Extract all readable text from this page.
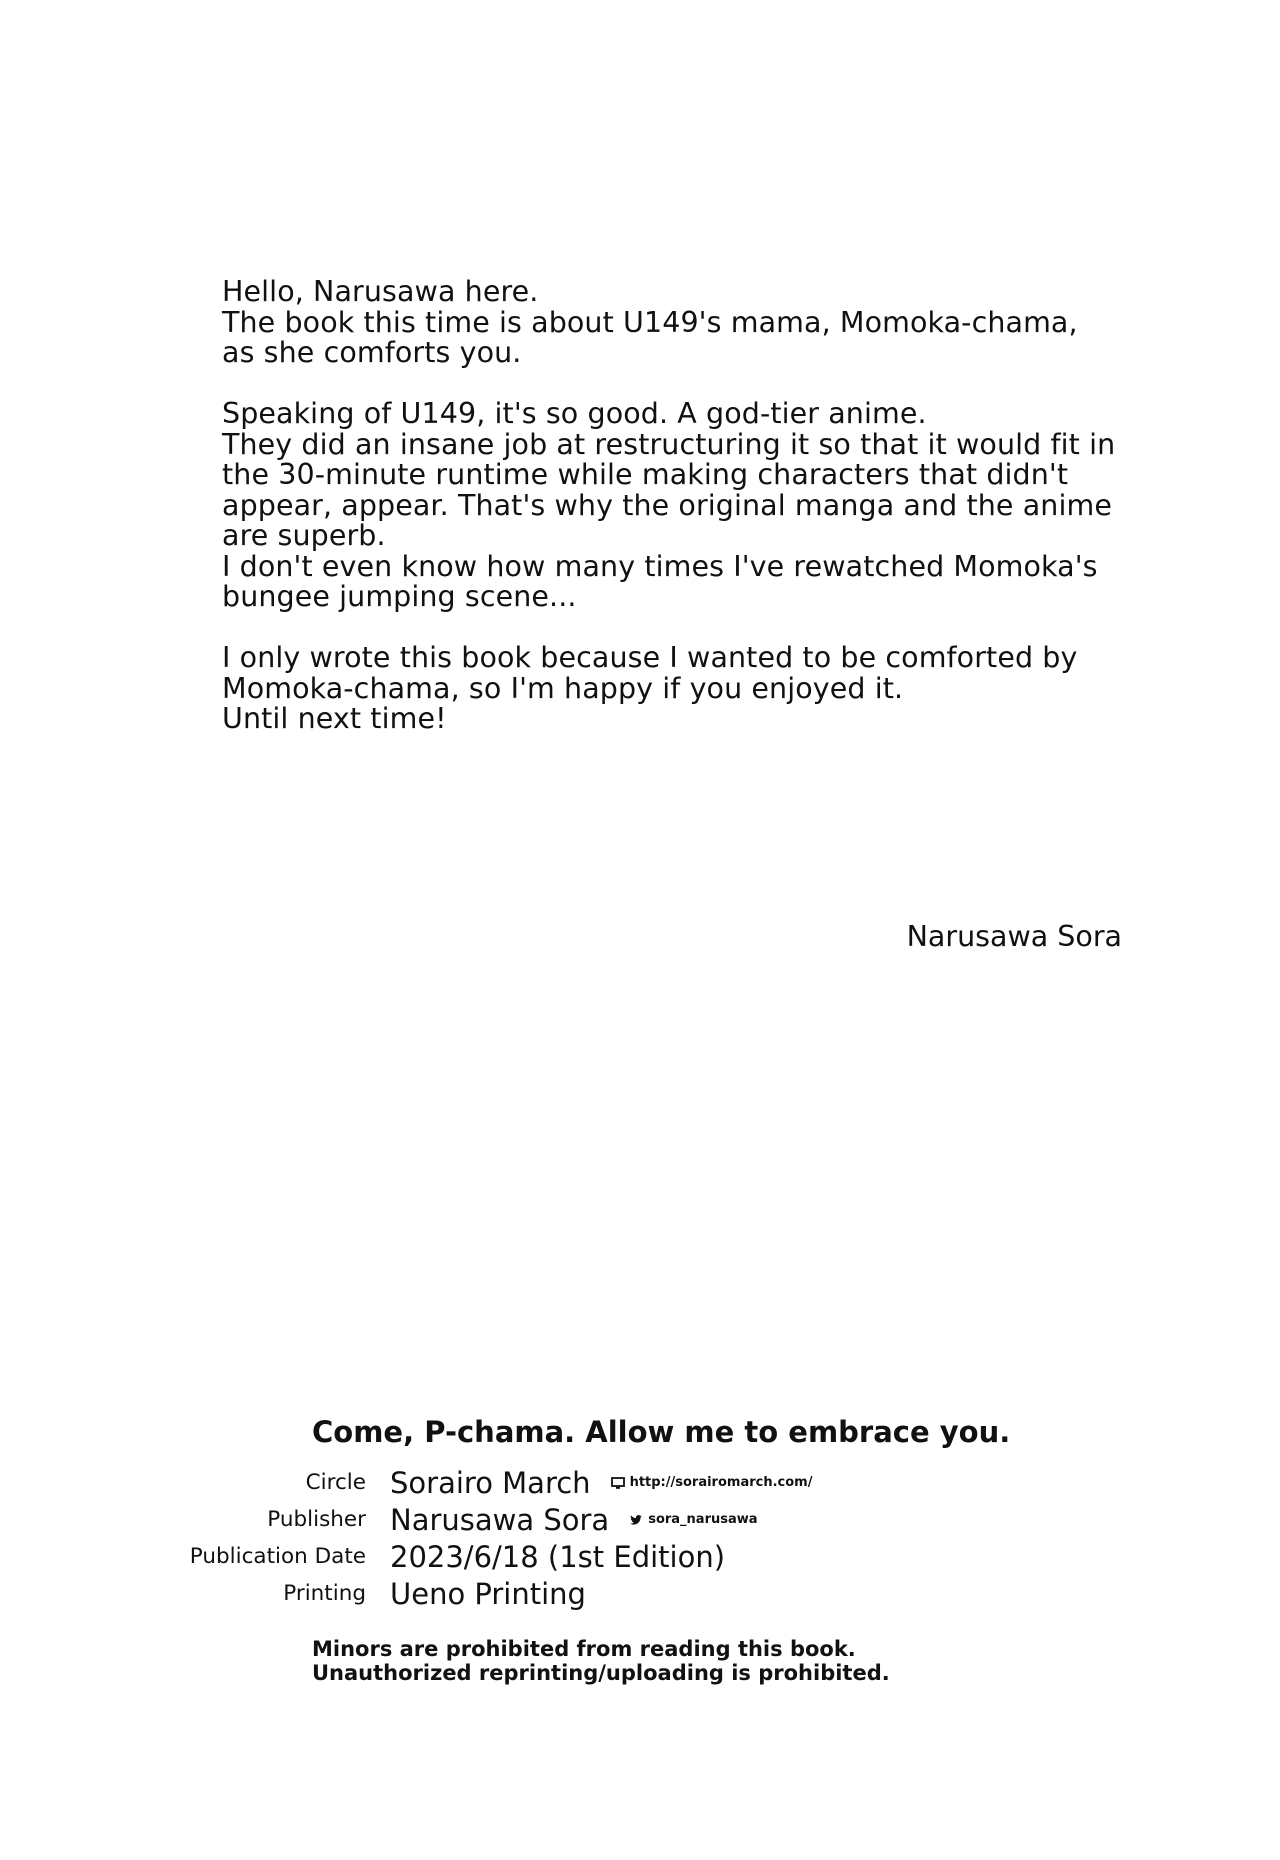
Hello, Narusawa here.
The book this time is about U149's mama, Momoka-chama,
as she comforts you.
Speaking of U149, it's so good. A god-tier anime.
They did an insane job at restructuring it so that it would fit in
the 30-minute runtime while making characters that didn't
appear, appear. That's why the original manga and the anime
are superb.
I don't even know how many times I've rewatched Momoka's
bungee jumping scene...
I only wrote this book because I wanted to be comforted by
Momoka-chama, so I'm happy if you enjoyed it.
Until next time!
Narusawa Sora
Come, P-chama. Allow me to embrace you.
Circle Sorairo March	http://sorairomarch.com/
Publisher Narusawa Sora	sora_narusawa
Publication Date 2023/6/18 (1st Edition)
Printing Ueno Printing
Minors are prohibited from reading this book.
Unauthorized reprinting/uploading is prohibited.
